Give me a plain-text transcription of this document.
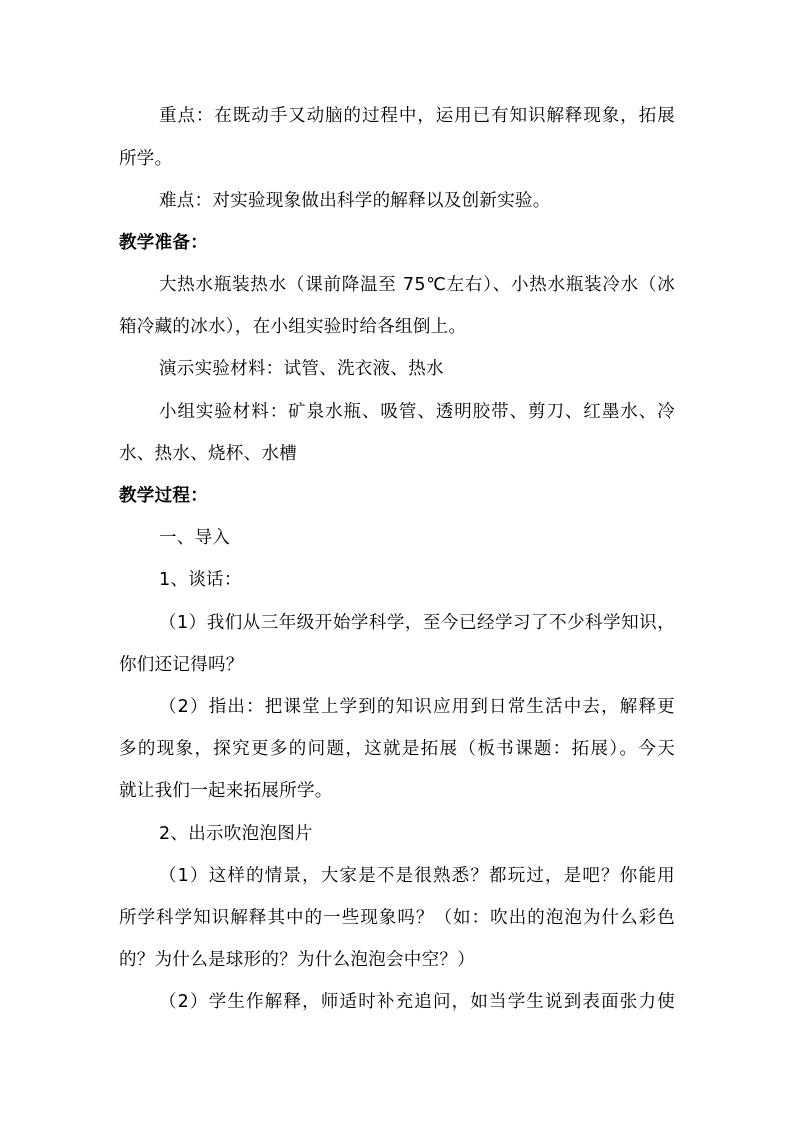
重点：在既动手又动脑的过程中，运用已有知识解释现象，拓展

所学。

难点：对实验现象做出科学的解释以及创新实验。

教学准备：

大热水瓶装热水（课前降温至 75℃左右）、小热水瓶装冷水（冰

箱冷藏的冰水），在小组实验时给各组倒上。

演示实验材料：试管、洗衣液、热水

小组实验材料：矿泉水瓶、吸管、透明胶带、剪刀、红墨水、冷

水、热水、烧杯、水槽

教学过程：

一、导入

1、谈话：

（1）我们从三年级开始学科学，至今已经学习了不少科学知识，

你们还记得吗？

（2）指出：把课堂上学到的知识应用到日常生活中去，解释更

多的现象，探究更多的问题，这就是拓展（板书课题：拓展）。今天

就让我们一起来拓展所学。

2、出示吹泡泡图片

（1）这样的情景，大家是不是很熟悉？都玩过，是吧？你能用

所学科学知识解释其中的一些现象吗？（如：吹出的泡泡为什么彩色

的？为什么是球形的？为什么泡泡会中空？）

（2）学生作解释，师适时补充追问，如当学生说到表面张力使
